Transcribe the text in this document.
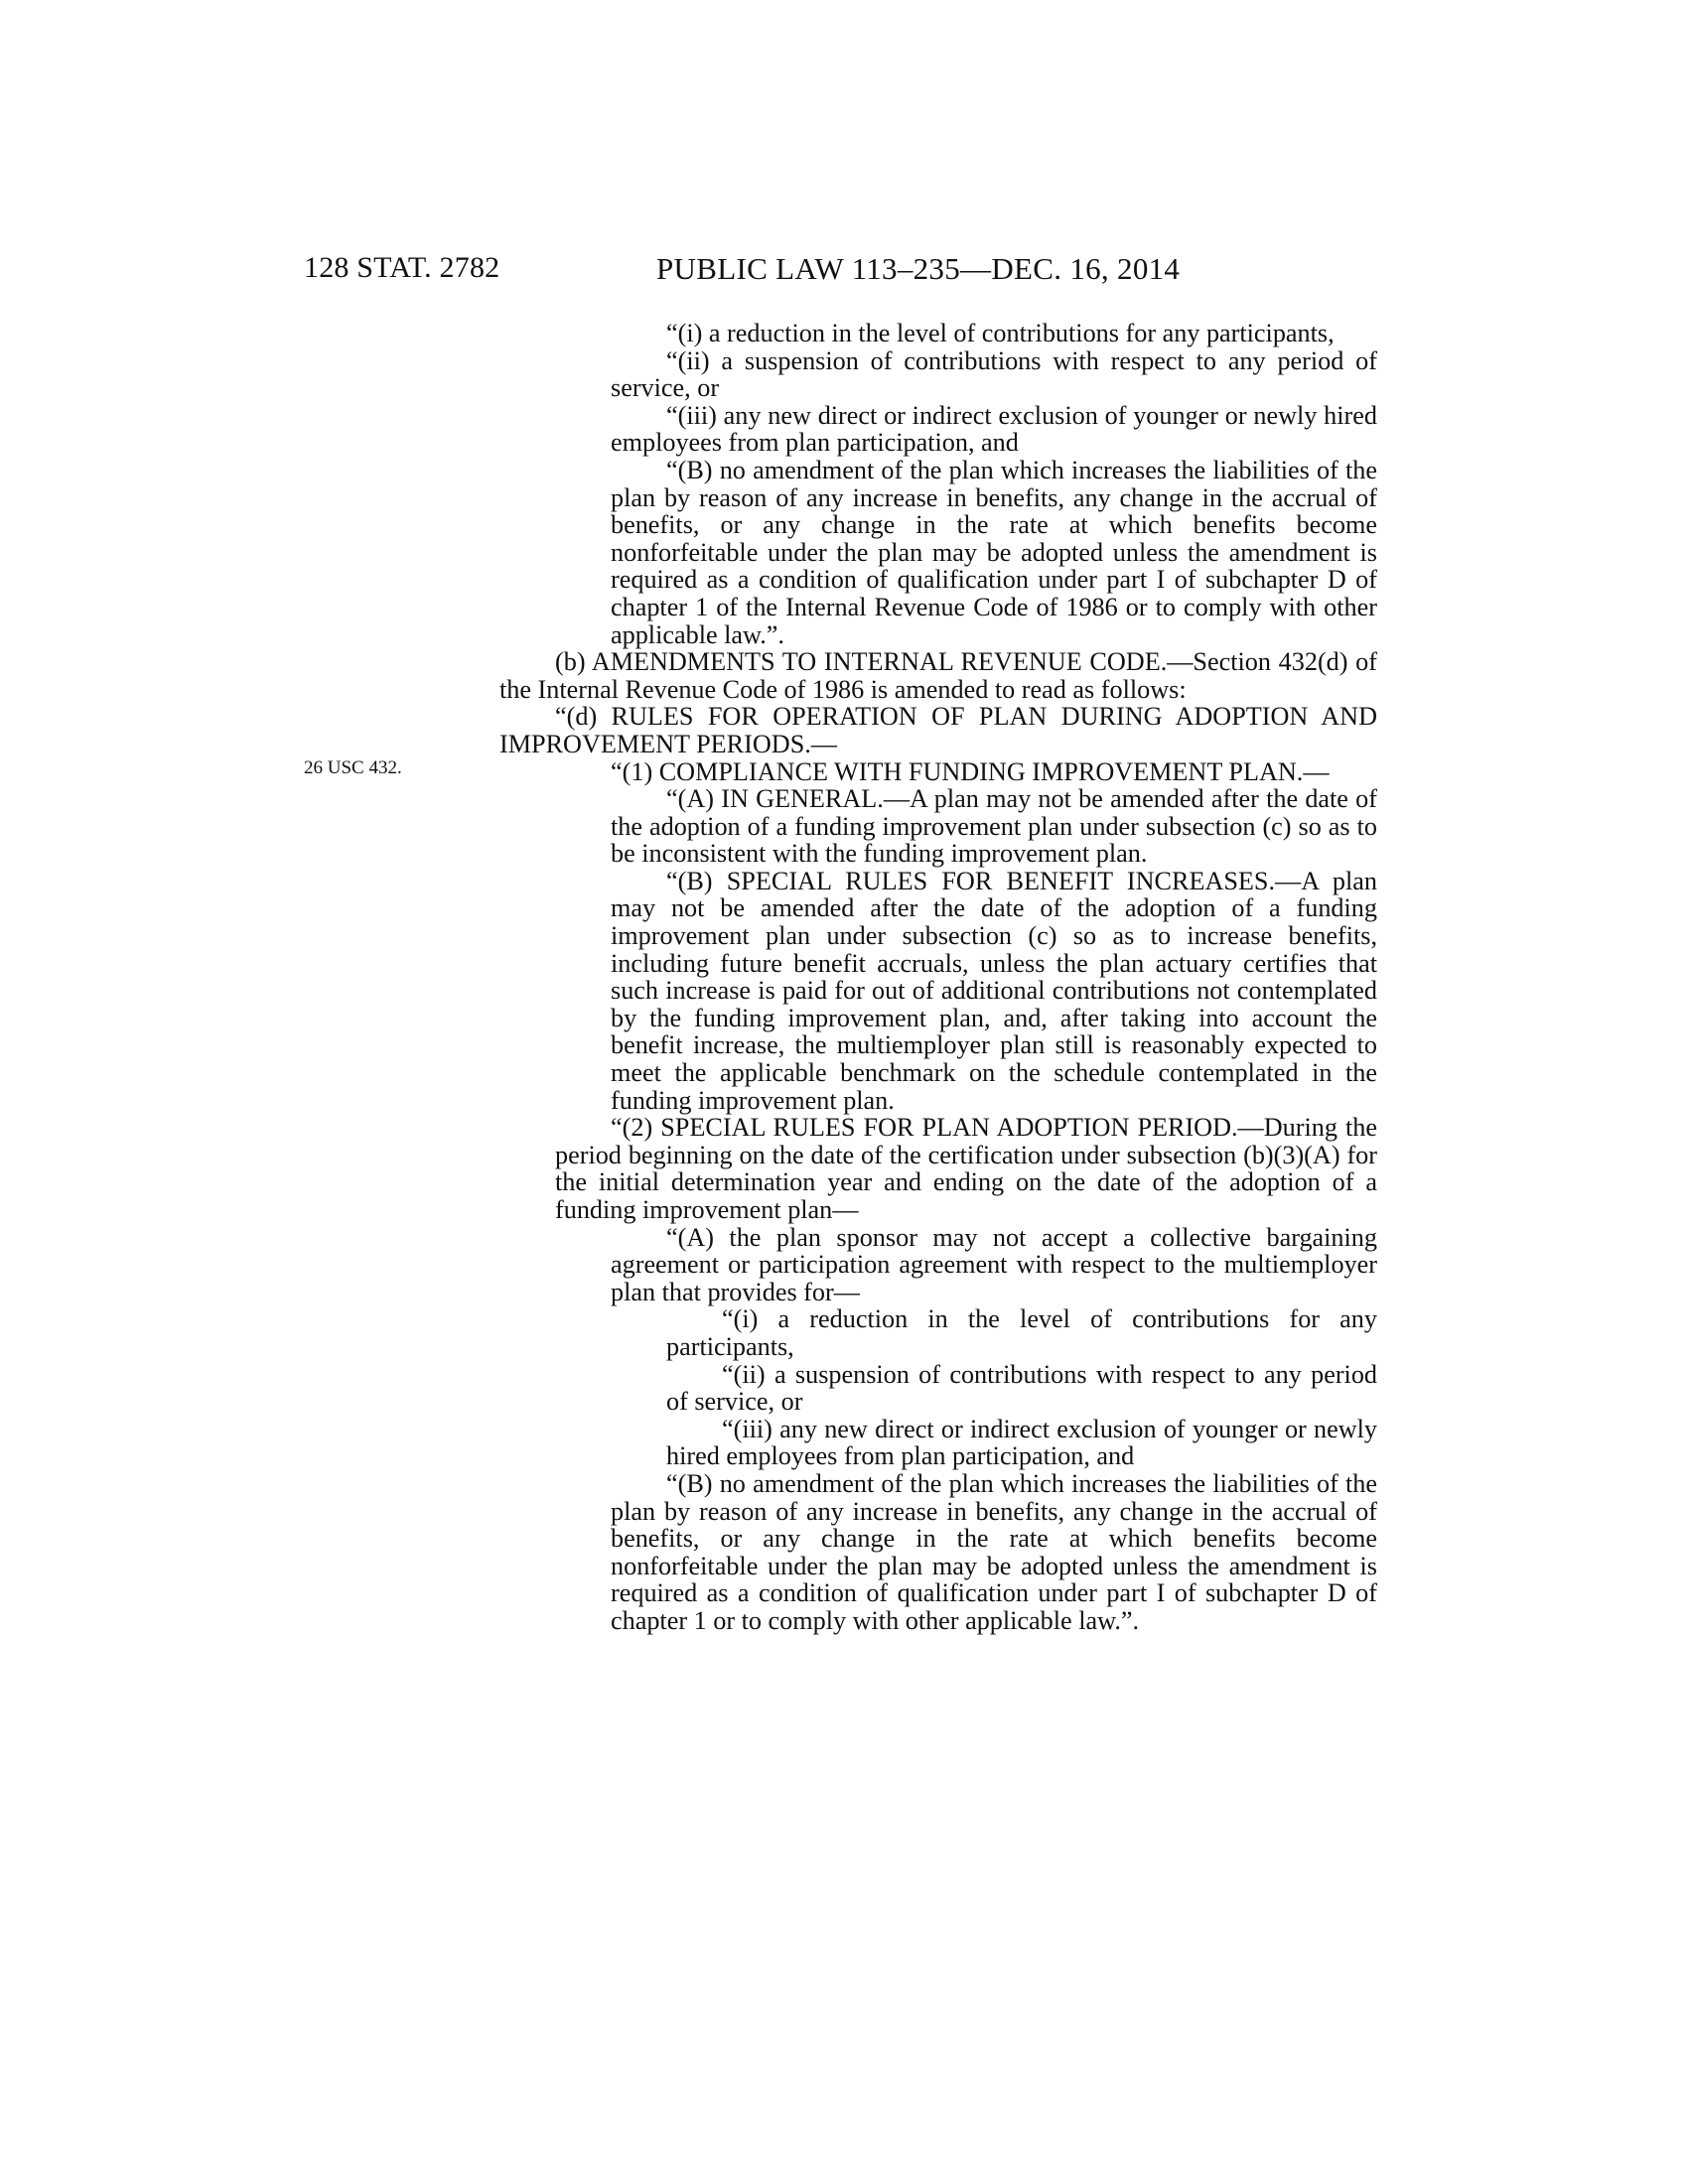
128 STAT. 2782	PUBLIC LAW 113–235—DEC. 16, 2014
26 USC 432.

“(i) a reduction in the level of contributions for any participants,

“(ii) a suspension of contributions with respect to any period of service, or

“(iii) any new direct or indirect exclusion of younger or newly hired employees from plan participation, and

“(B) no amendment of the plan which increases the liabilities of the plan by reason of any increase in benefits, any change in the accrual of benefits, or any change in the rate at which benefits become nonforfeitable under the plan may be adopted unless the amendment is required as a condition of qualification under part I of subchapter D of chapter 1 of the Internal Revenue Code of 1986 or to comply with other applicable law.”.

(b) AMENDMENTS TO INTERNAL REVENUE CODE.—Section 432(d) of the Internal Revenue Code of 1986 is amended to read as follows:

“(d) RULES FOR OPERATION OF PLAN DURING ADOPTION AND IMPROVEMENT PERIODS.—

“(1) COMPLIANCE WITH FUNDING IMPROVEMENT PLAN.—

“(A) IN GENERAL.—A plan may not be amended after the date of the adoption of a funding improvement plan under subsection (c) so as to be inconsistent with the funding improvement plan.

“(B) SPECIAL RULES FOR BENEFIT INCREASES.—A plan may not be amended after the date of the adoption of a funding improvement plan under subsection (c) so as to increase benefits, including future benefit accruals, unless the plan actuary certifies that such increase is paid for out of additional contributions not contemplated by the funding improvement plan, and, after taking into account the benefit increase, the multiemployer plan still is reasonably expected to meet the applicable benchmark on the schedule contemplated in the funding improvement plan.

“(2) SPECIAL RULES FOR PLAN ADOPTION PERIOD.—During the period beginning on the date of the certification under subsection (b)(3)(A) for the initial determination year and ending on the date of the adoption of a funding improvement plan—

“(A) the plan sponsor may not accept a collective bargaining agreement or participation agreement with respect to the multiemployer plan that provides for—

“(i) a reduction in the level of contributions for any participants,

“(ii) a suspension of contributions with respect to any period of service, or

“(iii) any new direct or indirect exclusion of younger or newly hired employees from plan participation, and

“(B) no amendment of the plan which increases the liabilities of the plan by reason of any increase in benefits, any change in the accrual of benefits, or any change in the rate at which benefits become nonforfeitable under the plan may be adopted unless the amendment is required as a condition of qualification under part I of subchapter D of chapter 1 or to comply with other applicable law.”.
